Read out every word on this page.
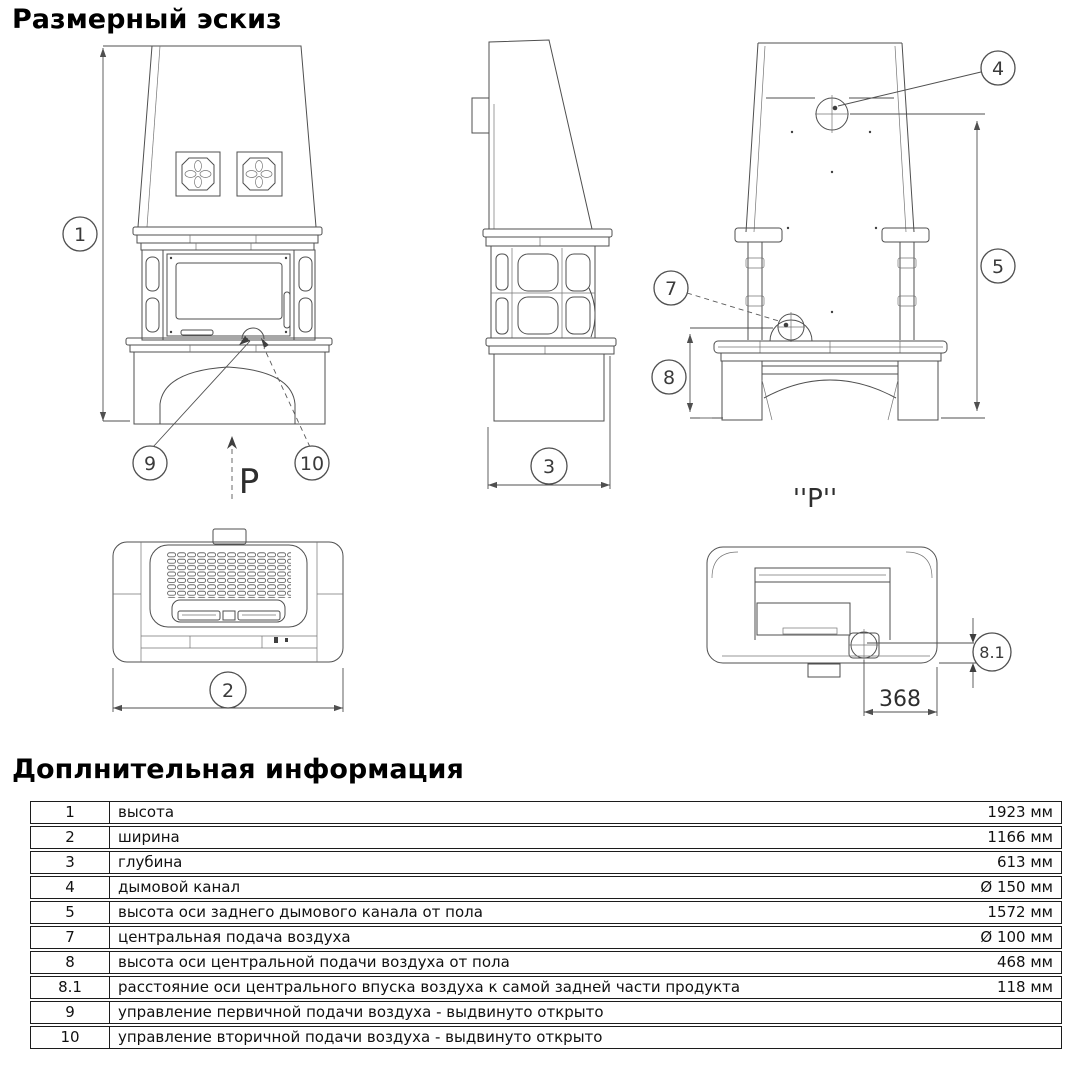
Размерный эскиз
P	''P''
368
1
9	10	3
4
5
7
8
2
8.1
Доплнительная информация
1	высота	1923 мм
2	ширина	1166 мм
3	глубина	613 мм
4	дымовой канал	Ø 150 мм
5	высота оси заднего дымового канала от пола	1572 мм
7	центральная подача воздуха	Ø 100 мм
8	высота оси центральной подачи воздуха от пола	468 мм
8.1	расстояние оси центрального впуска воздуха к самой задней части продукта	118 мм
9	управление первичной подачи воздуха - выдвинуто открыто	
10	управление вторичной подачи воздуха - выдвинуто открыто	
